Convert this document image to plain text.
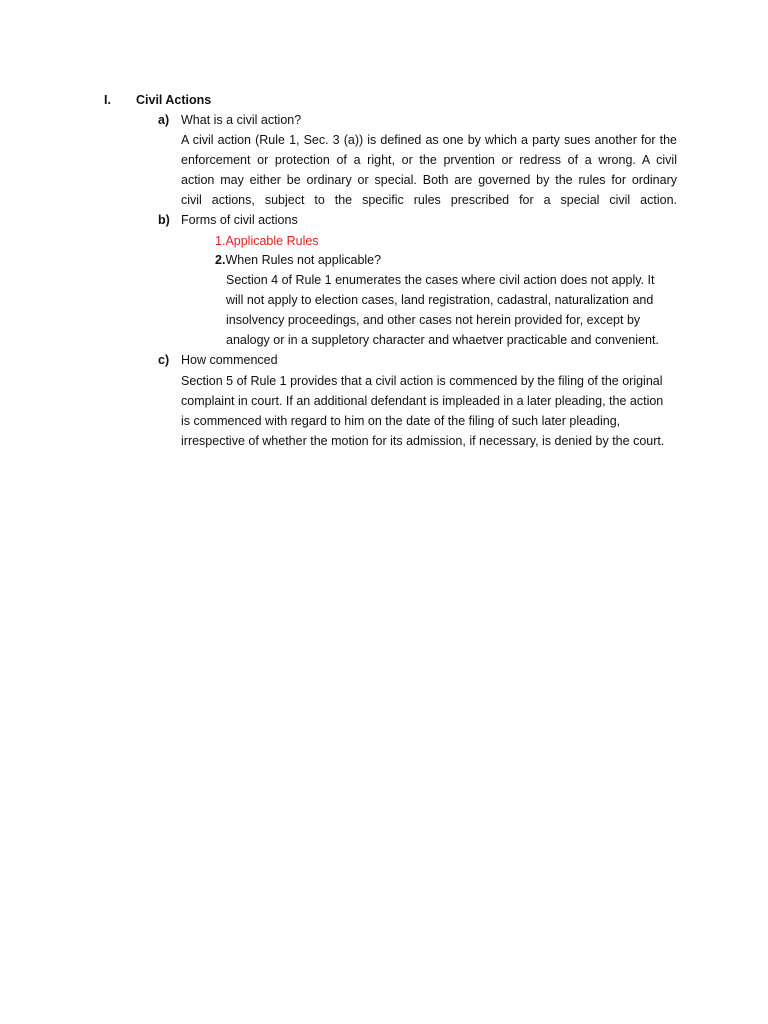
I. Civil Actions
a) What is a civil action?

A civil action (Rule 1, Sec. 3 (a)) is defined as one by which a party sues another for the

enforcement or protection of a right, or the prvention or redress of a wrong. A civil

action may either be ordinary or special. Both are governed by the rules for ordinary

civil actions, subject to the specific rules prescribed for a special civil action.

b) Forms of civil actions
1.Applicable Rules
2.When Rules not applicable?

Section 4 of Rule 1 enumerates the cases where civil action does not apply. It

will not apply to election cases, land registration, cadastral, naturalization and

insolvency proceedings, and other cases not herein provided for, except by

analogy or in a suppletory character and whaetver practicable and convenient.

c) How commenced

Section 5 of Rule 1 provides that a civil action is commenced by the filing of the original

complaint in court. If an additional defendant is impleaded in a later pleading, the action

is commenced with regard to him on the date of the filing of such later pleading,

irrespective of whether the motion for its admission, if necessary, is denied by the court.
